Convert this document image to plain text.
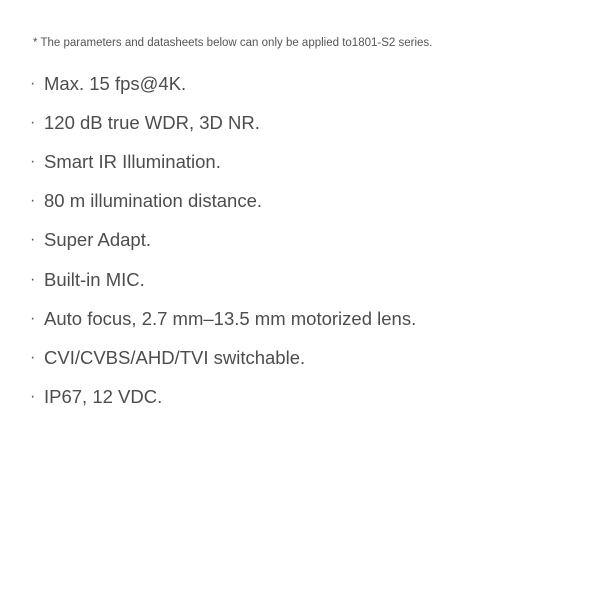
* The parameters and datasheets below can only be applied to1801-S2 series.
· Max. 15 fps@4K.
· 120 dB true WDR, 3D NR.
· Smart IR Illumination.
· 80 m illumination distance.
· Super Adapt.
· Built-in MIC.
· Auto focus, 2.7 mm–13.5 mm motorized lens.
· CVI/CVBS/AHD/TVI switchable.
· IP67, 12 VDC.
